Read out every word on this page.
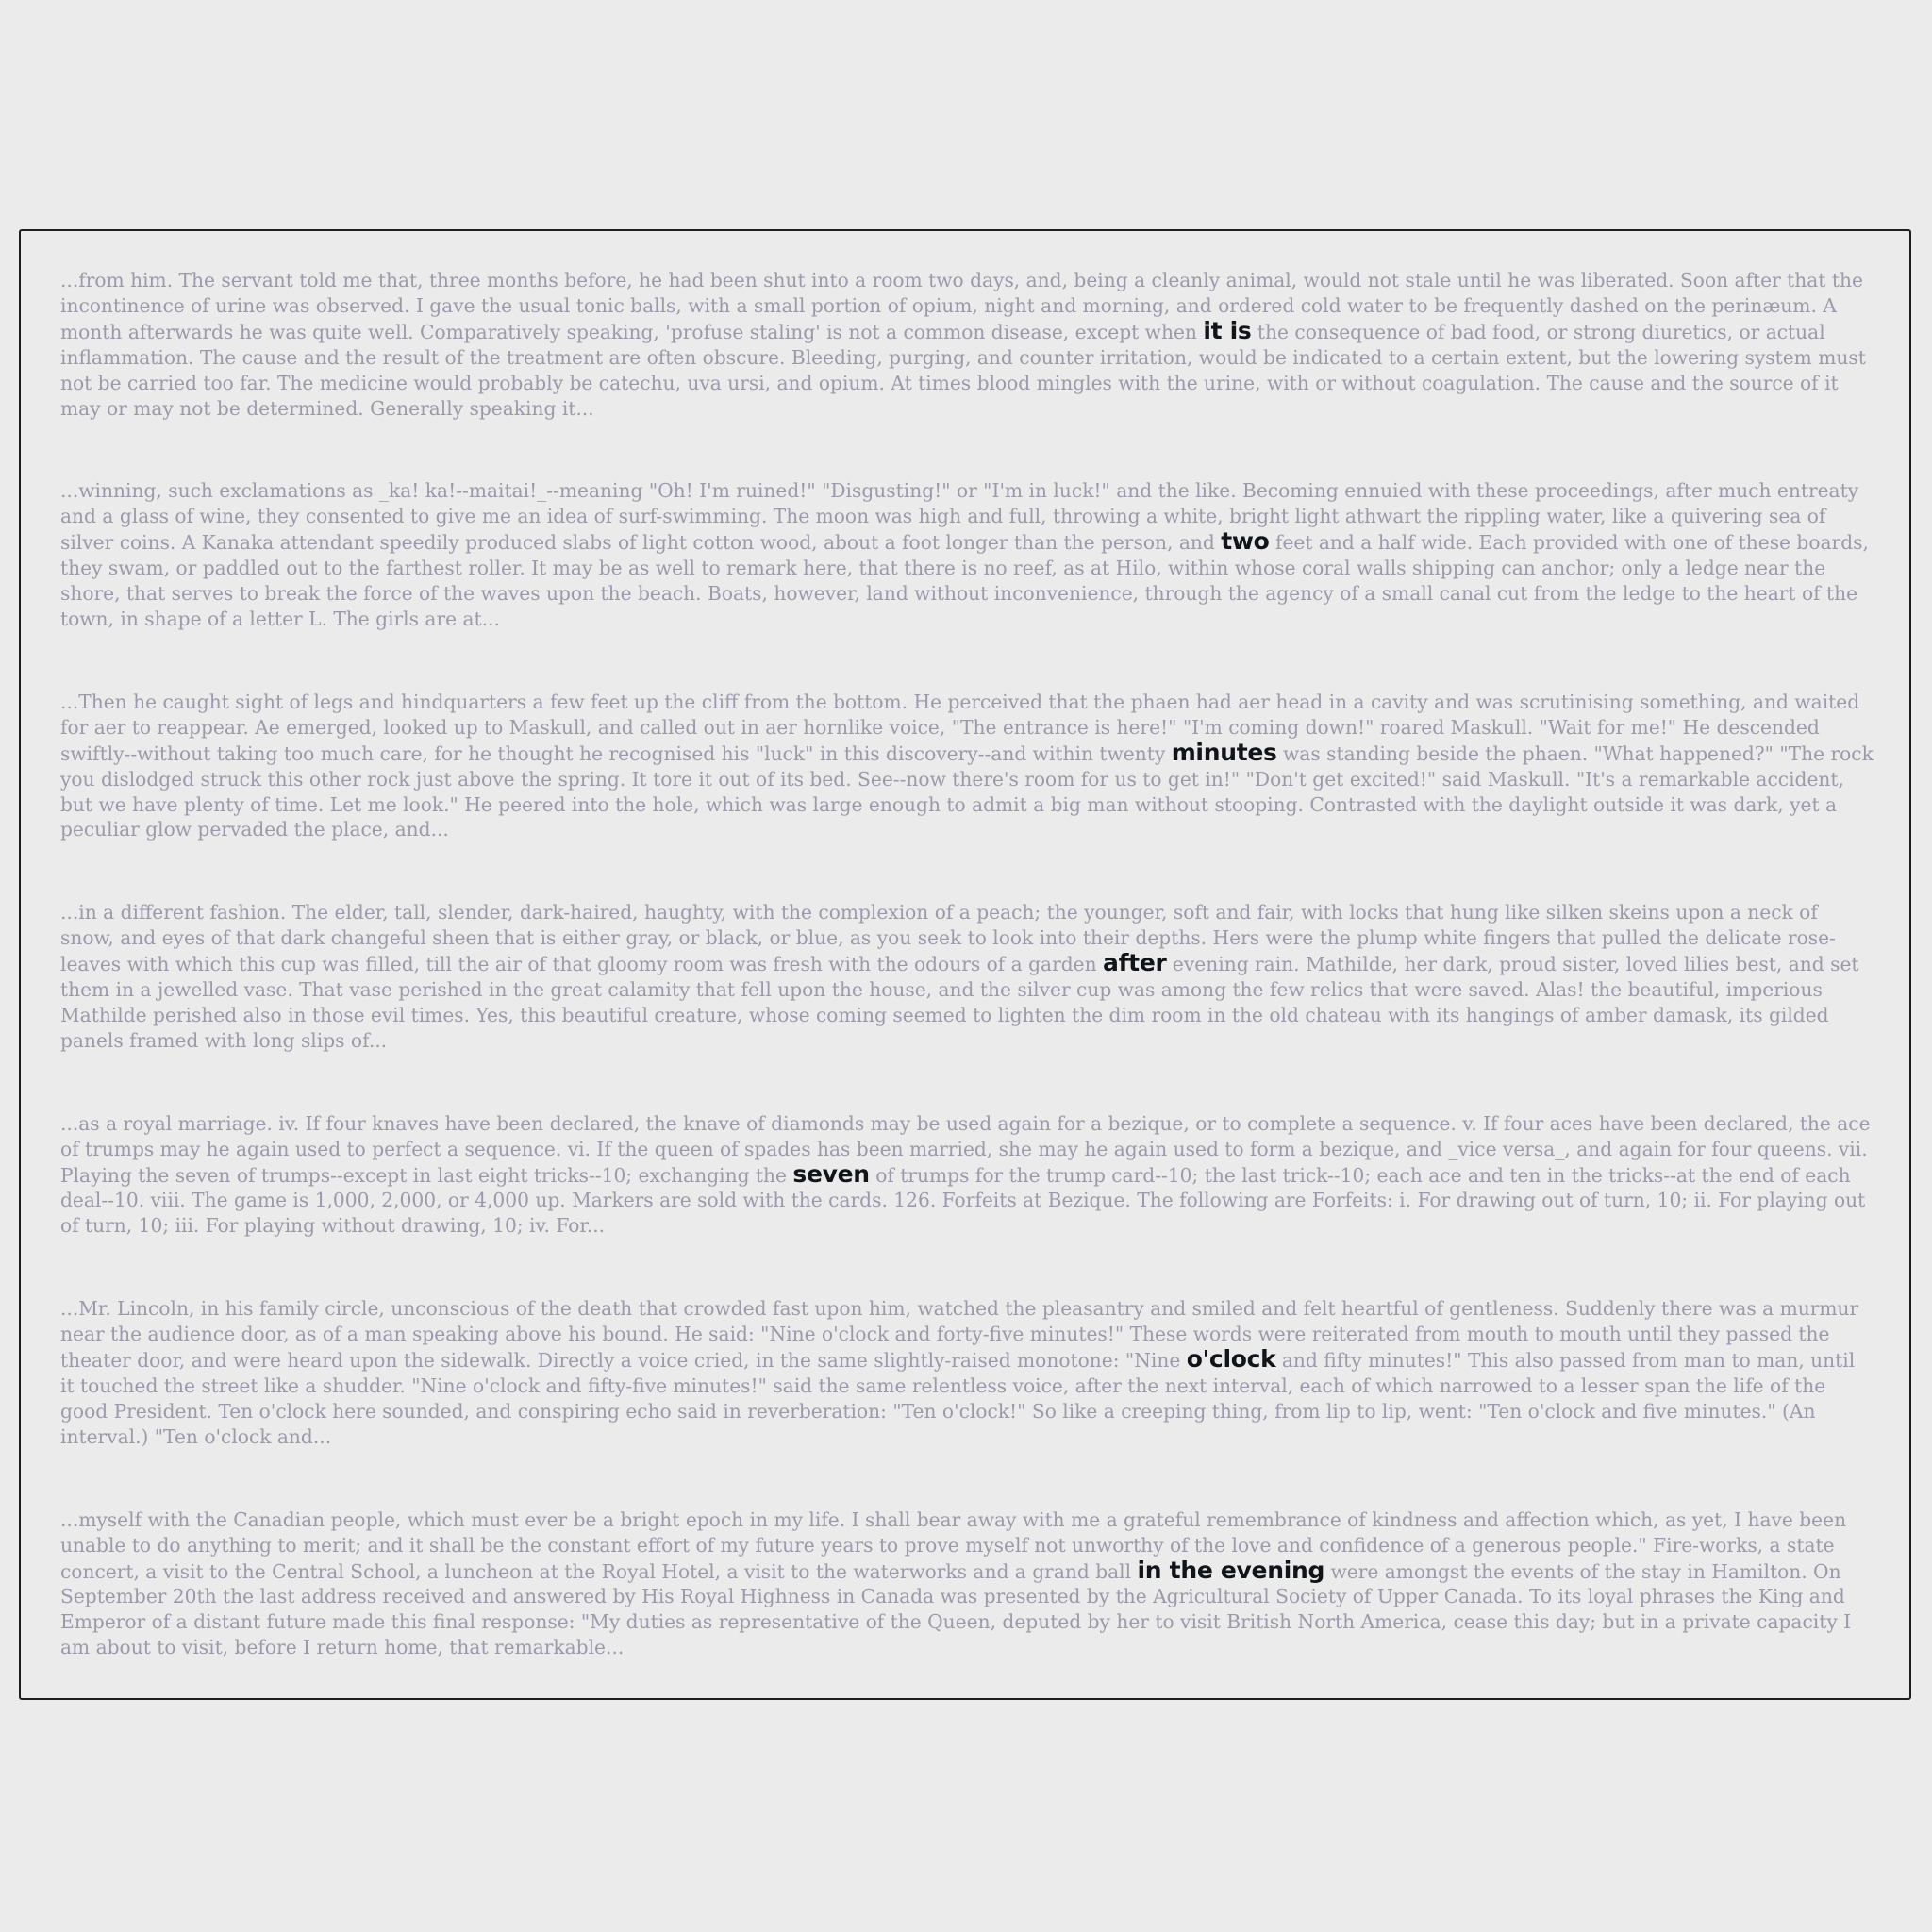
...from him. The servant told me that, three months before, he had been shut into a room two days, and, being a cleanly animal, would not stale until he was liberated. Soon after that the incontinence of urine was observed. I gave the usual tonic balls, with a small portion of opium, night and morning, and ordered cold water to be frequently dashed on the perinæum. A month afterwards he was quite well. Comparatively speaking, 'profuse staling' is not a common disease, except when it is the consequence of bad food, or strong diuretics, or actual inflammation. The cause and the result of the treatment are often obscure. Bleeding, purging, and counter irritation, would be indicated to a certain extent, but the lowering system must not be carried too far. The medicine would probably be catechu, uva ursi, and opium. At times blood mingles with the urine, with or without coagulation. The cause and the source of it may or may not be determined. Generally speaking it...

...winning, such exclamations as _ka! ka!--maitai!_--meaning "Oh! I'm ruined!" "Disgusting!" or "I'm in luck!" and the like. Becoming ennuied with these proceedings, after much entreaty and a glass of wine, they consented to give me an idea of surf-swimming. The moon was high and full, throwing a white, bright light athwart the rippling water, like a quivering sea of silver coins. A Kanaka attendant speedily produced slabs of light cotton wood, about a foot longer than the person, and two feet and a half wide. Each provided with one of these boards, they swam, or paddled out to the farthest roller. It may be as well to remark here, that there is no reef, as at Hilo, within whose coral walls shipping can anchor; only a ledge near the shore, that serves to break the force of the waves upon the beach. Boats, however, land without inconvenience, through the agency of a small canal cut from the ledge to the heart of the town, in shape of a letter L. The girls are at...

...Then he caught sight of legs and hindquarters a few feet up the cliff from the bottom. He perceived that the phaen had aer head in a cavity and was scrutinising something, and waited for aer to reappear. Ae emerged, looked up to Maskull, and called out in aer hornlike voice, "The entrance is here!" "I'm coming down!" roared Maskull. "Wait for me!" He descended swiftly--without taking too much care, for he thought he recognised his "luck" in this discovery--and within twenty minutes was standing beside the phaen. "What happened?" "The rock you dislodged struck this other rock just above the spring. It tore it out of its bed. See--now there's room for us to get in!" "Don't get excited!" said Maskull. "It's a remarkable accident, but we have plenty of time. Let me look." He peered into the hole, which was large enough to admit a big man without stooping. Contrasted with the daylight outside it was dark, yet a peculiar glow pervaded the place, and...

...in a different fashion. The elder, tall, slender, dark-haired, haughty, with the complexion of a peach; the younger, soft and fair, with locks that hung like silken skeins upon a neck of snow, and eyes of that dark changeful sheen that is either gray, or black, or blue, as you seek to look into their depths. Hers were the plump white fingers that pulled the delicate rose-leaves with which this cup was filled, till the air of that gloomy room was fresh with the odours of a garden after evening rain. Mathilde, her dark, proud sister, loved lilies best, and set them in a jewelled vase. That vase perished in the great calamity that fell upon the house, and the silver cup was among the few relics that were saved. Alas! the beautiful, imperious Mathilde perished also in those evil times. Yes, this beautiful creature, whose coming seemed to lighten the dim room in the old chateau with its hangings of amber damask, its gilded panels framed with long slips of...

...as a royal marriage. iv. If four knaves have been declared, the knave of diamonds may be used again for a bezique, or to complete a sequence. v. If four aces have been declared, the ace of trumps may he again used to perfect a sequence. vi. If the queen of spades has been married, she may he again used to form a bezique, and _vice versa_, and again for four queens. vii. Playing the seven of trumps--except in last eight tricks--10; exchanging the seven of trumps for the trump card--10; the last trick--10; each ace and ten in the tricks--at the end of each deal--10. viii. The game is 1,000, 2,000, or 4,000 up. Markers are sold with the cards. 126. Forfeits at Bezique. The following are Forfeits: i. For drawing out of turn, 10; ii. For playing out of turn, 10; iii. For playing without drawing, 10; iv. For...

...Mr. Lincoln, in his family circle, unconscious of the death that crowded fast upon him, watched the pleasantry and smiled and felt heartful of gentleness. Suddenly there was a murmur near the audience door, as of a man speaking above his bound. He said: "Nine o'clock and forty-five minutes!" These words were reiterated from mouth to mouth until they passed the theater door, and were heard upon the sidewalk. Directly a voice cried, in the same slightly-raised monotone: "Nine o'clock and fifty minutes!" This also passed from man to man, until it touched the street like a shudder. "Nine o'clock and fifty-five minutes!" said the same relentless voice, after the next interval, each of which narrowed to a lesser span the life of the good President. Ten o'clock here sounded, and conspiring echo said in reverberation: "Ten o'clock!" So like a creeping thing, from lip to lip, went: "Ten o'clock and five minutes." (An interval.) "Ten o'clock and...

...myself with the Canadian people, which must ever be a bright epoch in my life. I shall bear away with me a grateful remembrance of kindness and affection which, as yet, I have been unable to do anything to merit; and it shall be the constant effort of my future years to prove myself not unworthy of the love and confidence of a generous people." Fire-works, a state concert, a visit to the Central School, a luncheon at the Royal Hotel, a visit to the waterworks and a grand ball in the evening were amongst the events of the stay in Hamilton. On September 20th the last address received and answered by His Royal Highness in Canada was presented by the Agricultural Society of Upper Canada. To its loyal phrases the King and Emperor of a distant future made this final response: "My duties as representative of the Queen, deputed by her to visit British North America, cease this day; but in a private capacity I am about to visit, before I return home, that remarkable...
